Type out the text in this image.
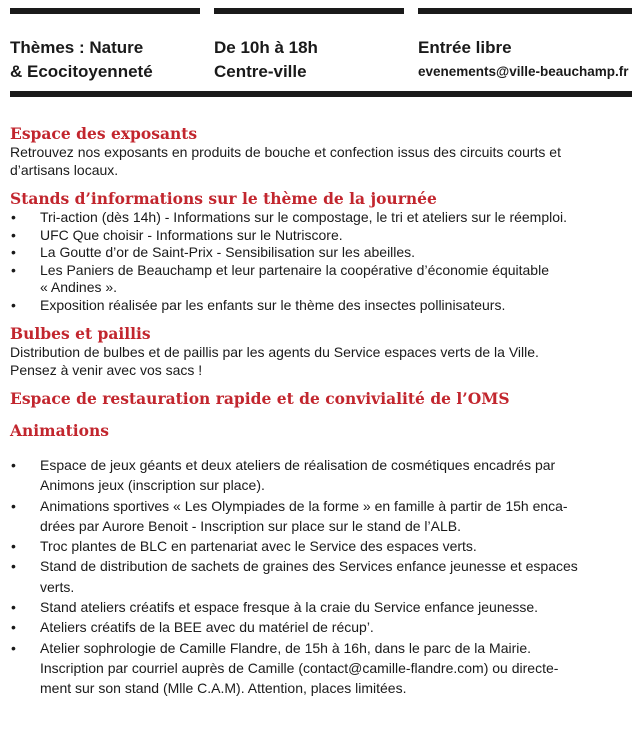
Thèmes : Nature
& Ecocitoyenneté
De 10h à 18h
Centre-ville
Entrée libre
evenements@ville-beauchamp.fr
Espace des exposants
Retrouvez nos exposants en produits de bouche et confection issus des circuits courts et
d’artisans locaux.
Stands d’informations sur le thème de la journée
• Tri-action (dès 14h) - Informations sur le compostage, le tri et ateliers sur le réemploi.
• UFC Que choisir - Informations sur le Nutriscore.
• La Goutte d’or de Saint-Prix - Sensibilisation sur les abeilles.
• Les Paniers de Beauchamp et leur partenaire la coopérative d’économie équitable
« Andines ».
• Exposition réalisée par les enfants sur le thème des insectes pollinisateurs.
Bulbes et paillis
Distribution de bulbes et de paillis par les agents du Service espaces verts de la Ville.
Pensez à venir avec vos sacs !
Espace de restauration rapide et de convivialité de l’OMS
Animations
• Espace de jeux géants et deux ateliers de réalisation de cosmétiques encadrés par
Animons jeux (inscription sur place).
• Animations sportives « Les Olympiades de la forme » en famille à partir de 15h enca-
drées par Aurore Benoit - Inscription sur place sur le stand de l’ALB.
• Troc plantes de BLC en partenariat avec le Service des espaces verts.
• Stand de distribution de sachets de graines des Services enfance jeunesse et espaces
verts.
• Stand ateliers créatifs et espace fresque à la craie du Service enfance jeunesse.
• Ateliers créatifs de la BEE avec du matériel de récup’.
• Atelier sophrologie de Camille Flandre, de 15h à 16h, dans le parc de la Mairie.
Inscription par courriel auprès de Camille (contact@camille-flandre.com) ou directe-
ment sur son stand (Mlle C.A.M). Attention, places limitées.
